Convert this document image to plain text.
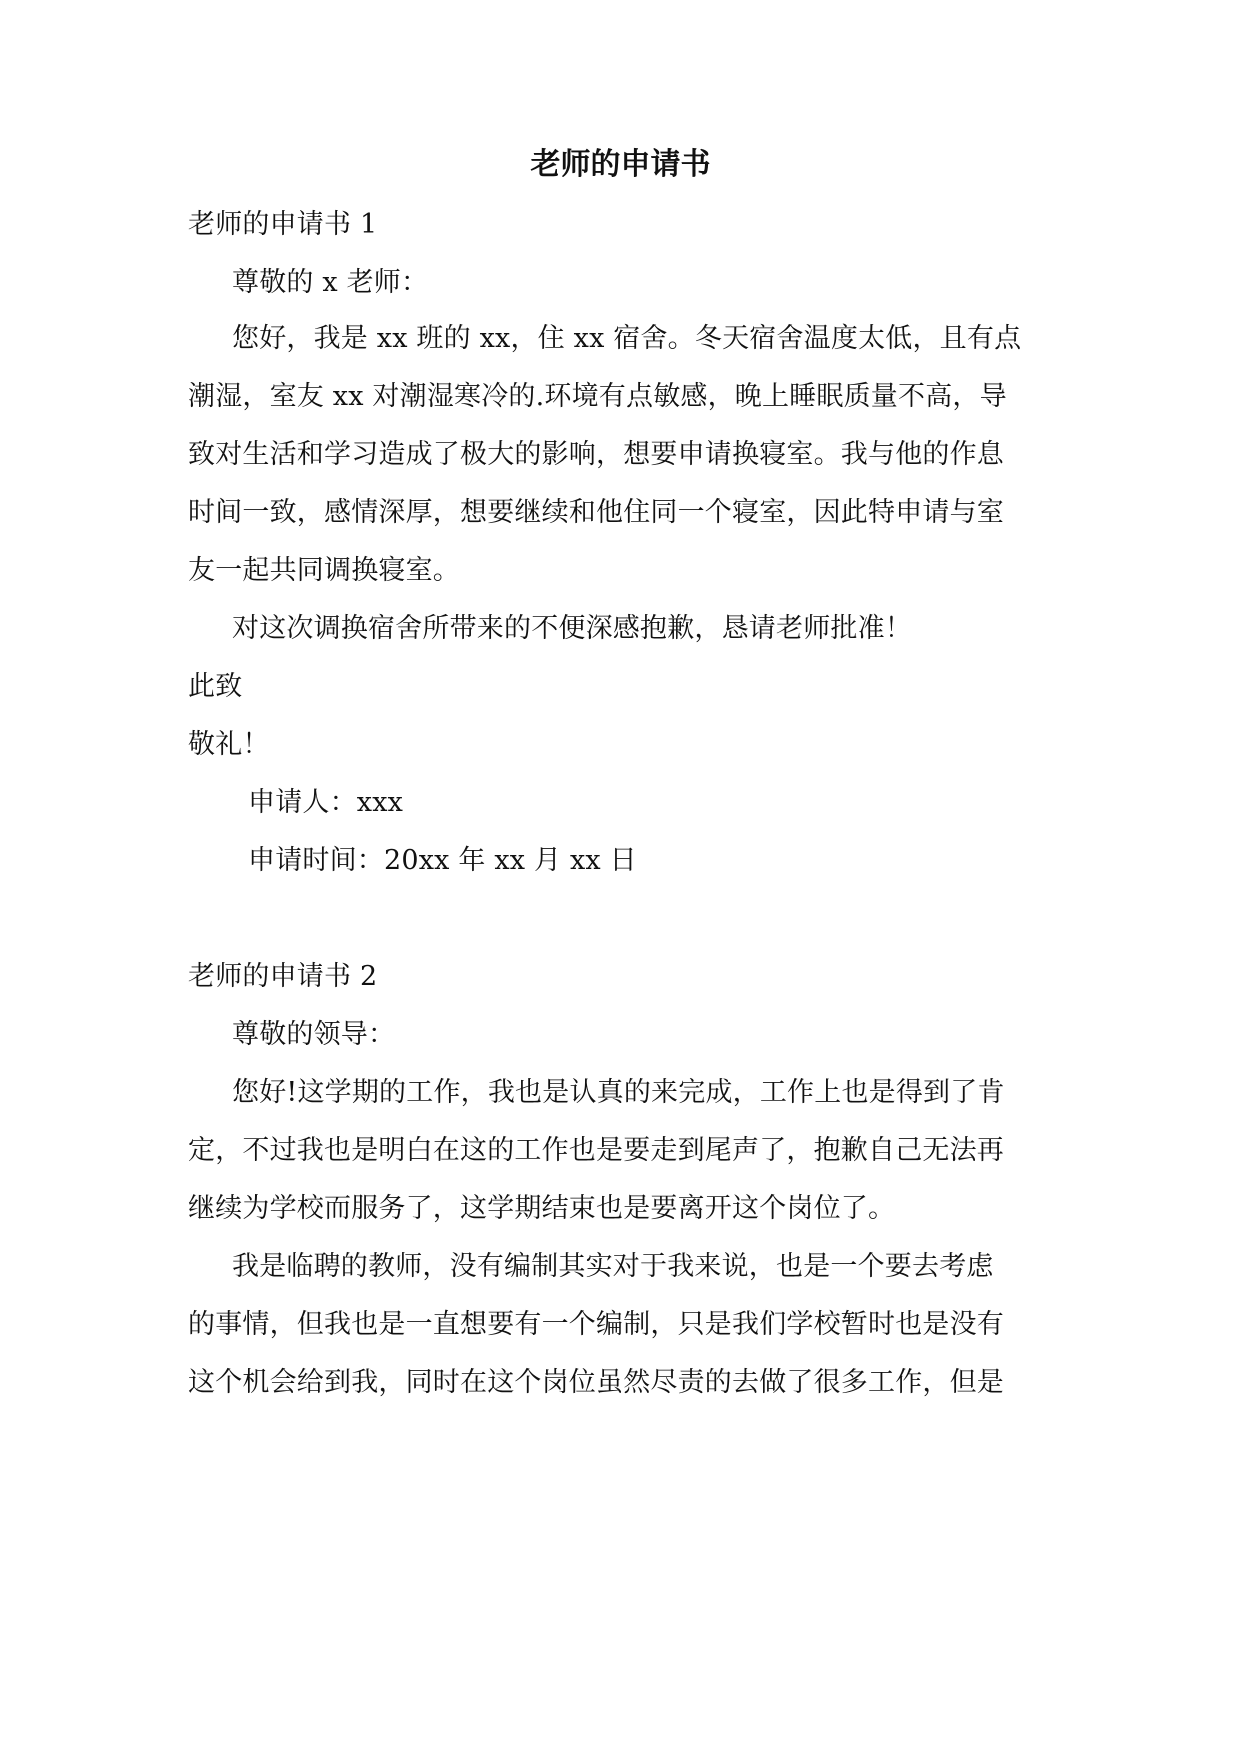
老师的申请书
老师的申请书 1
尊敬的 x 老师：
您好，我是 xx 班的 xx，住 xx 宿舍。冬天宿舍温度太低，且有点
潮湿，室友 xx 对潮湿寒冷的.环境有点敏感，晚上睡眠质量不高，导
致对生活和学习造成了极大的影响，想要申请换寝室。我与他的作息
时间一致，感情深厚，想要继续和他住同一个寝室，因此特申请与室
友一起共同调换寝室。
对这次调换宿舍所带来的不便深感抱歉，恳请老师批准！
此致
敬礼！
申请人：xxx
申请时间：20xx 年 xx 月 xx 日
老师的申请书 2
尊敬的领导：
您好!这学期的工作，我也是认真的来完成，工作上也是得到了肯
定，不过我也是明白在这的工作也是要走到尾声了，抱歉自己无法再
继续为学校而服务了，这学期结束也是要离开这个岗位了。
我是临聘的教师，没有编制其实对于我来说，也是一个要去考虑
的事情，但我也是一直想要有一个编制，只是我们学校暂时也是没有
这个机会给到我，同时在这个岗位虽然尽责的去做了很多工作，但是
